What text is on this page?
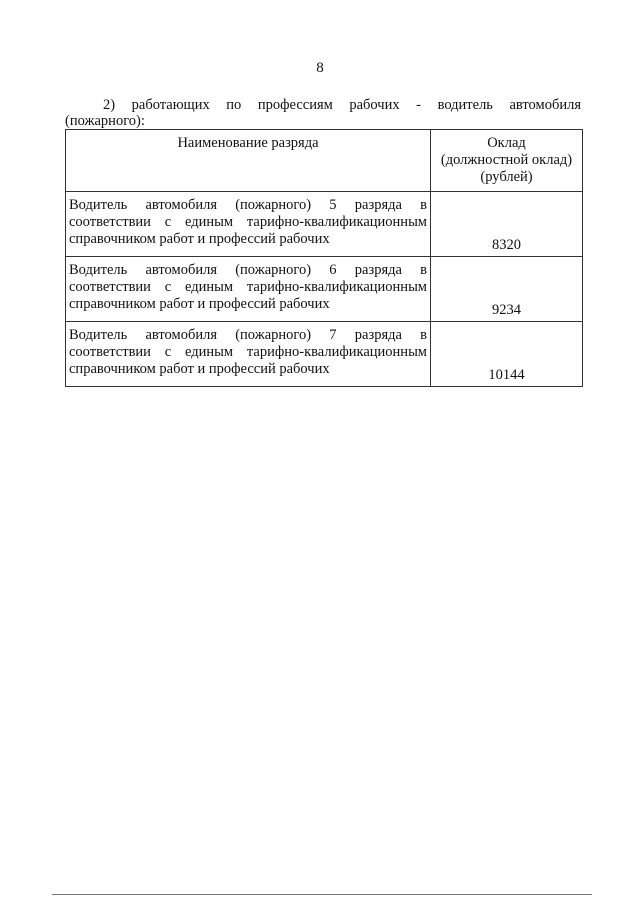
8
2) работающих по профессиям рабочих - водитель автомобиля
(пожарного):
Наименование разряда	Оклад
(должностной оклад)
(рублей)

Водитель автомобиля (пожарного) 5 разряда в соответствии с единым тарифно-квалификационным справочником работ и профессий рабочих	8320
Водитель автомобиля (пожарного) 6 разряда в соответствии с единым тарифно-квалификационным справочником работ и профессий рабочих	9234
Водитель автомобиля (пожарного) 7 разряда в соответствии с единым тарифно-квалификационным справочником работ и профессий рабочих	10144
